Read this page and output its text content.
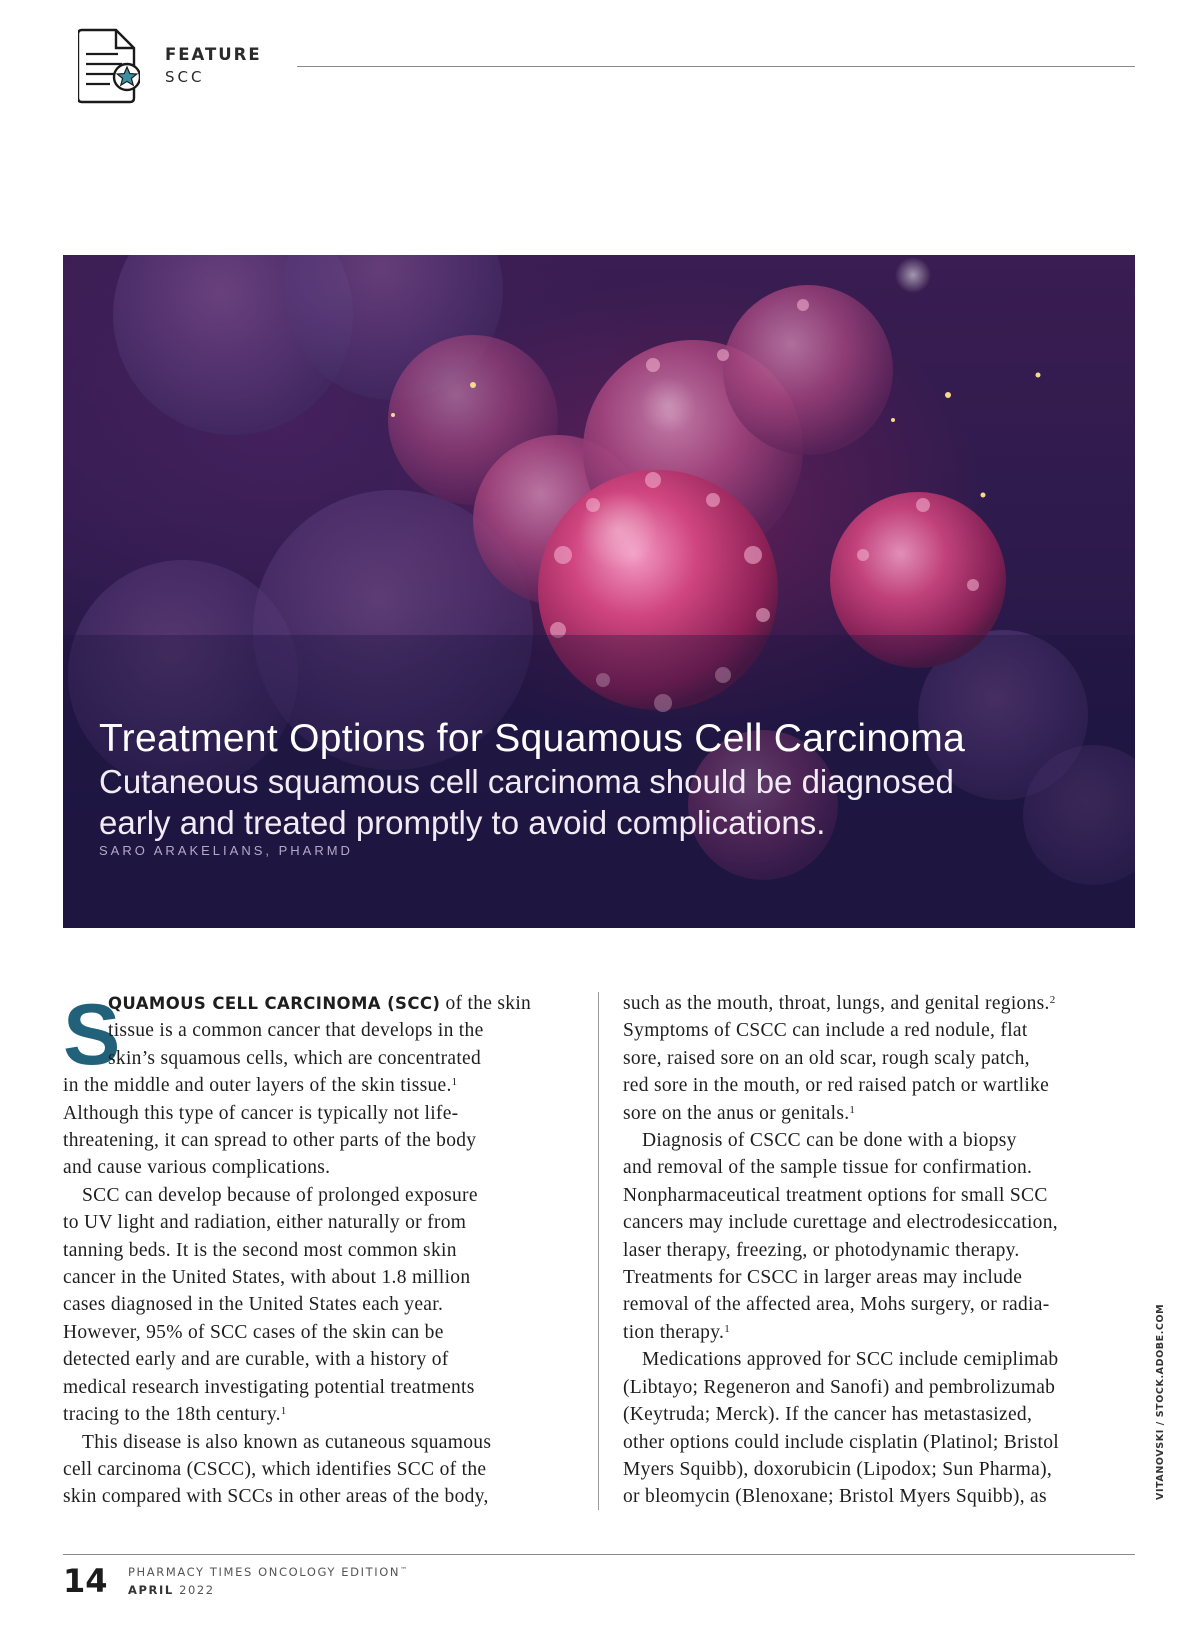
FEATURE
SCC
Treatment Options for Squamous Cell Carcinoma
Cutaneous squamous cell carcinoma should be diagnosed
early and treated promptly to avoid complications.
SARO ARAKELIANS, PHARMD
S
QUAMOUS CELL CARCINOMA (SCC) of the skin
tissue is a common cancer that develops in the
skin’s squamous cells, which are concentrated
in the middle and outer layers of the skin tissue.$^1$
Although this type of cancer is typically not life-
threatening, it can spread to other parts of the body
and cause various complications.
SCC can develop because of prolonged exposure
to UV light and radiation, either naturally or from
tanning beds. It is the second most common skin
cancer in the United States, with about 1.8 million
cases diagnosed in the United States each year.
However, 95% of SCC cases of the skin can be
detected early and are curable, with a history of
medical research investigating potential treatments
tracing to the 18th century.$^1$
This disease is also known as cutaneous squamous
cell carcinoma (CSCC), which identifies SCC of the
skin compared with SCCs in other areas of the body,
such as the mouth, throat, lungs, and genital regions.$^2$
Symptoms of CSCC can include a red nodule, flat
sore, raised sore on an old scar, rough scaly patch,
red sore in the mouth, or red raised patch or wartlike
sore on the anus or genitals.$^1$
Diagnosis of CSCC can be done with a biopsy
and removal of the sample tissue for confirmation.
Nonpharmaceutical treatment options for small SCC
cancers may include curettage and electrodesiccation,
laser therapy, freezing, or photodynamic therapy.
Treatments for CSCC in larger areas may include
removal of the affected area, Mohs surgery, or radia-
tion therapy.$^1$
Medications approved for SCC include cemiplimab
(Libtayo; Regeneron and Sanofi) and pembrolizumab
(Keytruda; Merck). If the cancer has metastasized,
other options could include cisplatin (Platinol; Bristol
Myers Squibb), doxorubicin (Lipodox; Sun Pharma),
or bleomycin (Blenoxane; Bristol Myers Squibb), as	VITANOVSKI / STOCK.ADOBE.COM
14 PHARMACY TIMES ONCOLOGY EDITION™
APRIL 2022
